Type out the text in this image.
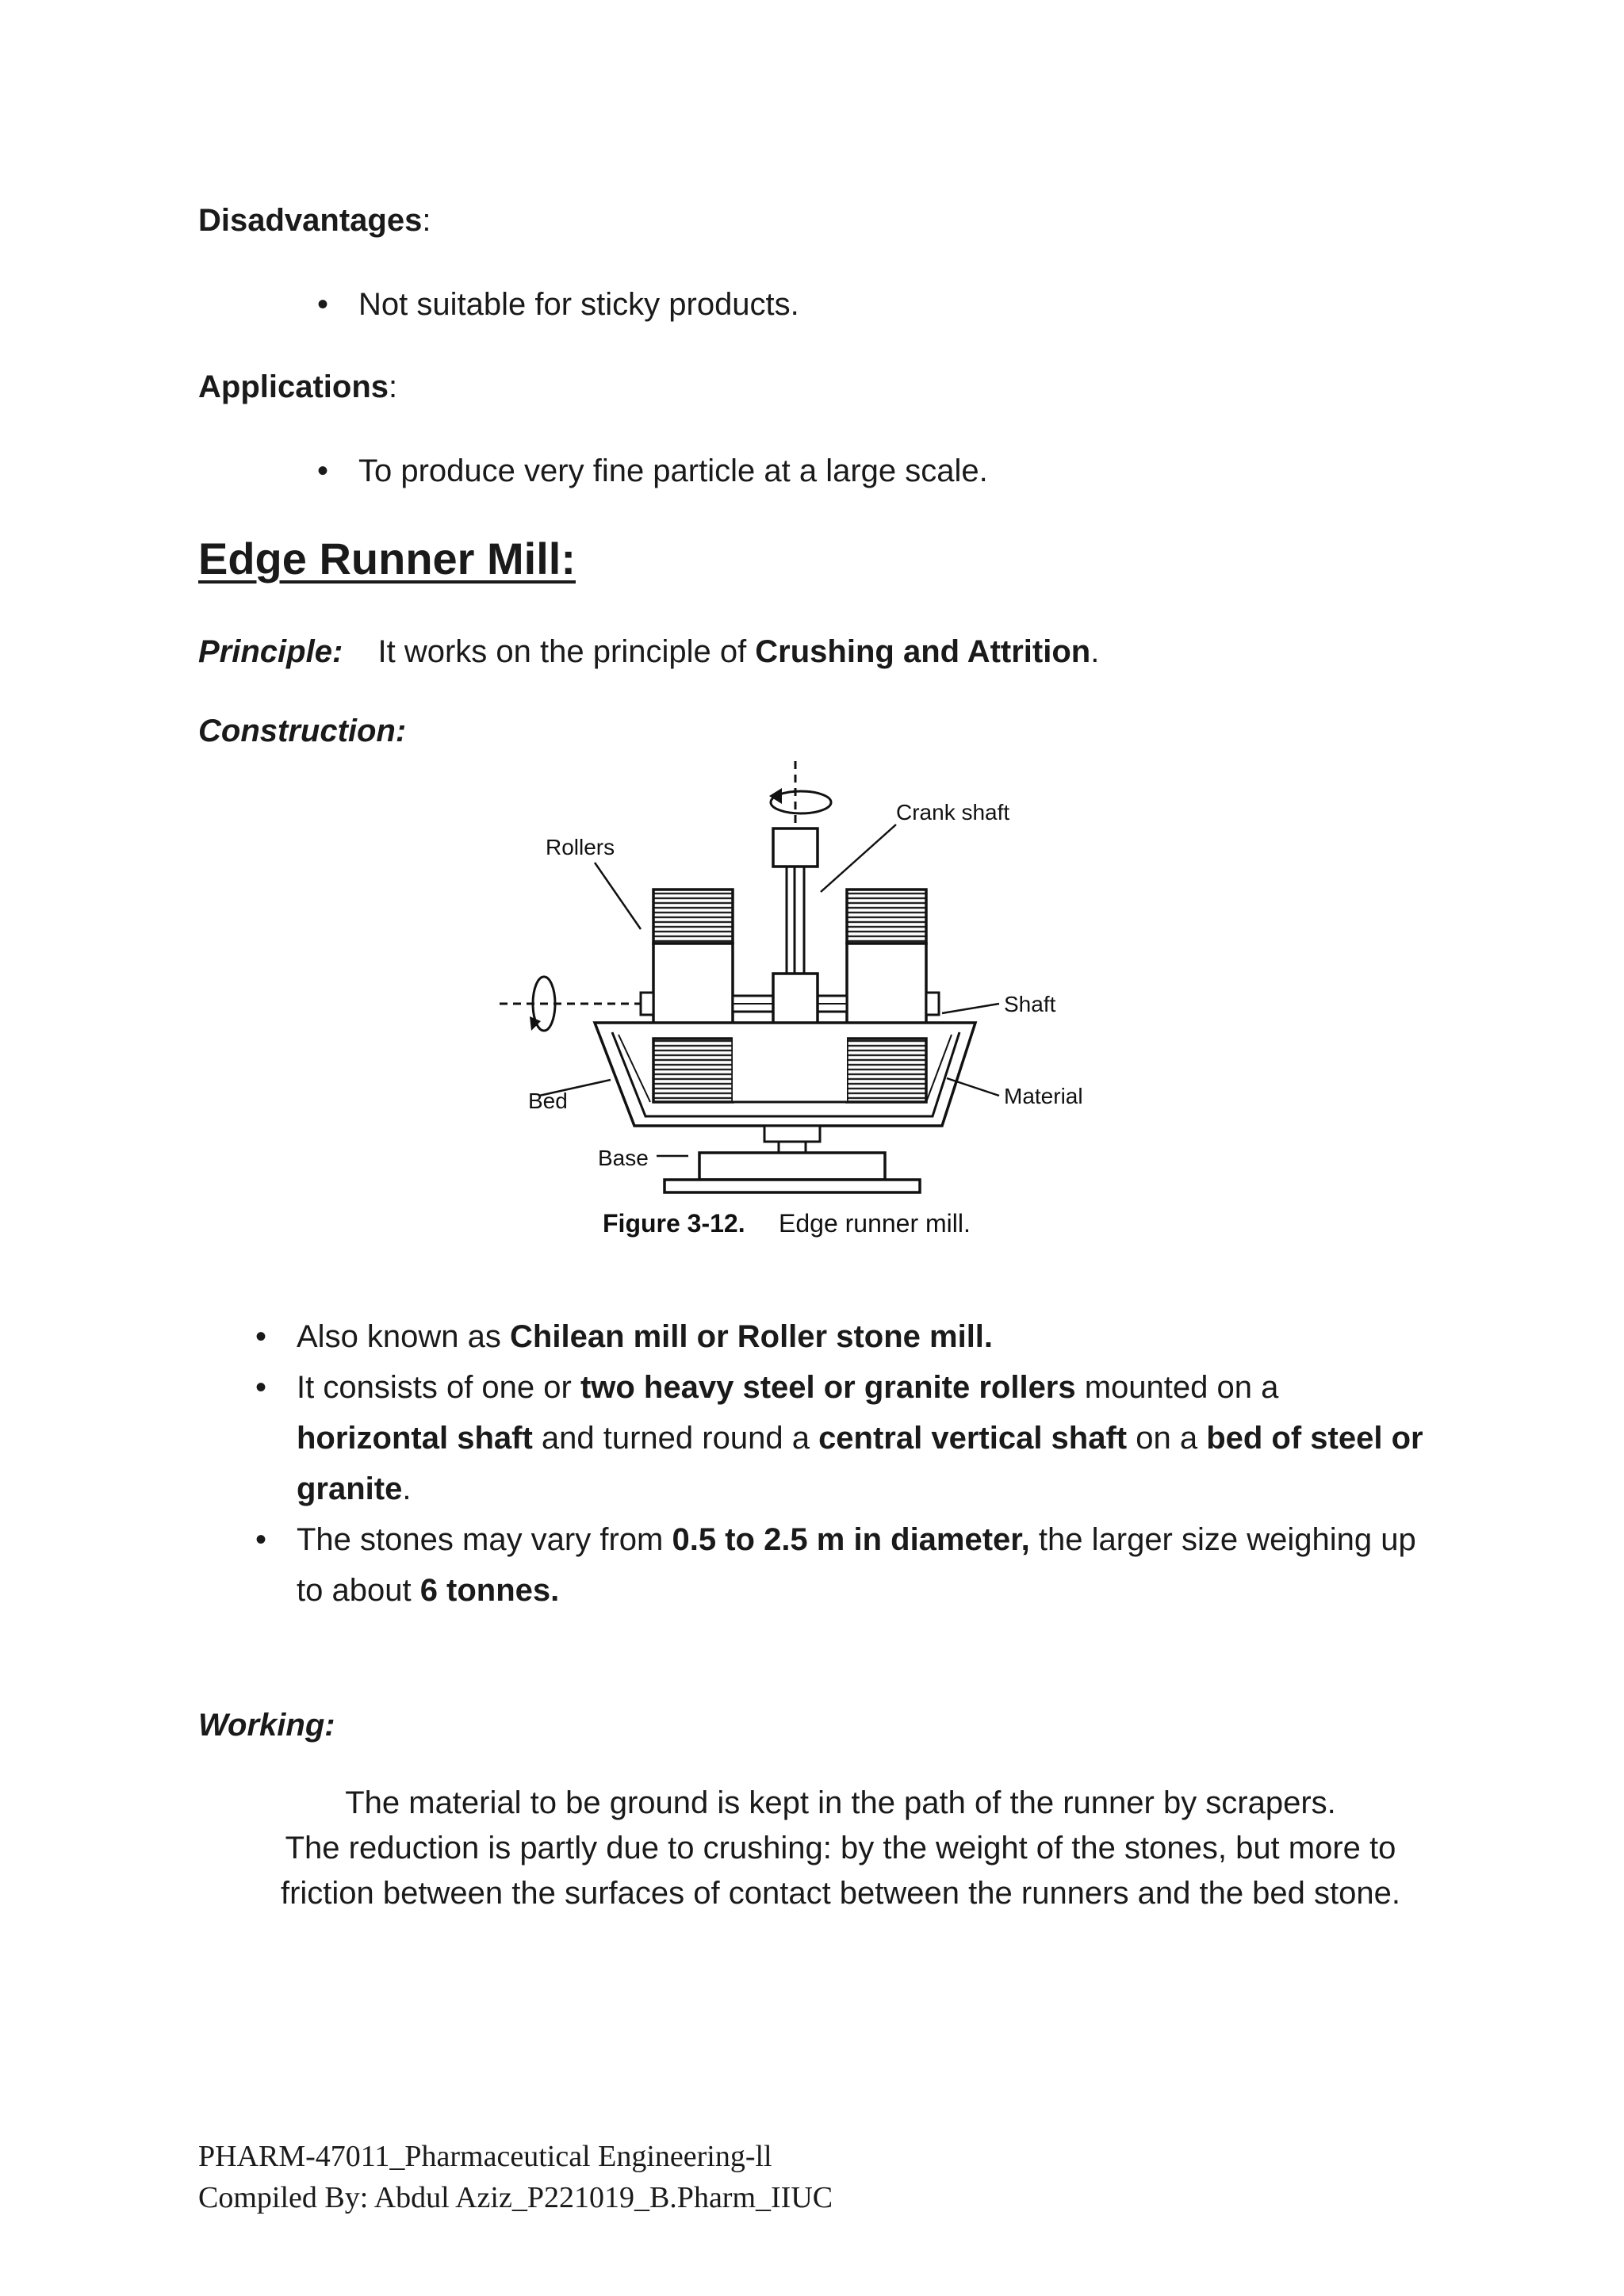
Disadvantages:
• Not suitable for sticky products.
Applications:
• To produce very fine particle at a large scale.
Edge Runner Mill:
Principle: It works on the principle of Crushing and Attrition.
Construction:
Rollers
Crank shaft
Shaft
Bed	Material
Base
Figure 3-12. Edge runner mill.
• Also known as Chilean mill or Roller stone mill.
• It consists of one or two heavy steel or granite rollers mounted on a horizontal shaft and turned round a central vertical shaft on a bed of steel or granite.
• The stones may vary from 0.5 to 2.5 m in diameter, the larger size weighing up to about 6 tonnes.
Working:
The material to be ground is kept in the path of the runner by scrapers.
The reduction is partly due to crushing: by the weight of the stones, but more to friction between the surfaces of contact between the runners and the bed stone.
PHARM-47011_Pharmaceutical Engineering-ll
Compiled By: Abdul Aziz_P221019_B.Pharm_IIUC
